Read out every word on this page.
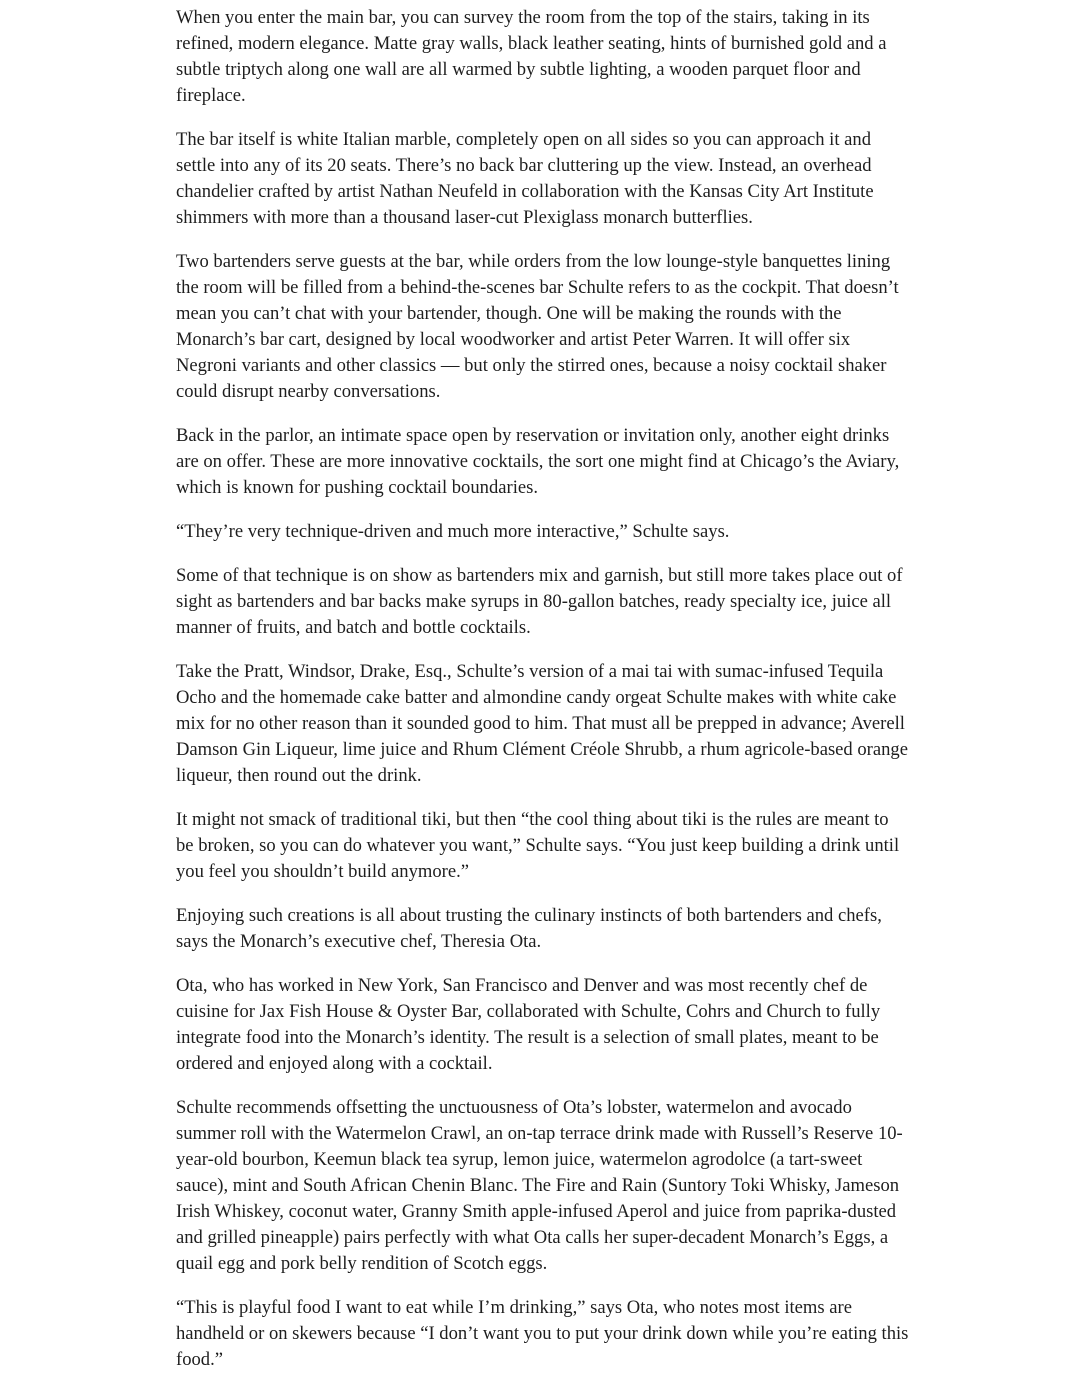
When you enter the main bar, you can survey the room from the top of the stairs, taking in its refined, modern elegance. Matte gray walls, black leather seating, hints of burnished gold and a subtle triptych along one wall are all warmed by subtle lighting, a wooden parquet floor and fireplace.

The bar itself is white Italian marble, completely open on all sides so you can approach it and settle into any of its 20 seats. There’s no back bar cluttering up the view. Instead, an overhead chandelier crafted by artist Nathan Neufeld in collaboration with the Kansas City Art Institute shimmers with more than a thousand laser-cut Plexiglass monarch butterflies.

Two bartenders serve guests at the bar, while orders from the low lounge-style banquettes lining the room will be filled from a behind-the-scenes bar Schulte refers to as the cockpit. That doesn’t mean you can’t chat with your bartender, though. One will be making the rounds with the Monarch’s bar cart, designed by local woodworker and artist Peter Warren. It will offer six Negroni variants and other classics — but only the stirred ones, because a noisy cocktail shaker could disrupt nearby conversations.

Back in the parlor, an intimate space open by reservation or invitation only, another eight drinks are on offer. These are more innovative cocktails, the sort one might find at Chicago’s the Aviary, which is known for pushing cocktail boundaries.

“They’re very technique-driven and much more interactive,” Schulte says.

Some of that technique is on show as bartenders mix and garnish, but still more takes place out of sight as bartenders and bar backs make syrups in 80-gallon batches, ready specialty ice, juice all manner of fruits, and batch and bottle cocktails.

Take the Pratt, Windsor, Drake, Esq., Schulte’s version of a mai tai with sumac-infused Tequila Ocho and the homemade cake batter and almondine candy orgeat Schulte makes with white cake mix for no other reason than it sounded good to him. That must all be prepped in advance; Averell Damson Gin Liqueur, lime juice and Rhum Clément Créole Shrubb, a rhum agricole-based orange liqueur, then round out the drink.

It might not smack of traditional tiki, but then “the cool thing about tiki is the rules are meant to be broken, so you can do whatever you want,” Schulte says. “You just keep building a drink until you feel you shouldn’t build anymore.”

Enjoying such creations is all about trusting the culinary instincts of both bartenders and chefs, says the Monarch’s executive chef, Theresia Ota.

Ota, who has worked in New York, San Francisco and Denver and was most recently chef de cuisine for Jax Fish House & Oyster Bar, collaborated with Schulte, Cohrs and Church to fully integrate food into the Monarch’s identity. The result is a selection of small plates, meant to be ordered and enjoyed along with a cocktail.

Schulte recommends offsetting the unctuousness of Ota’s lobster, watermelon and avocado summer roll with the Watermelon Crawl, an on-tap terrace drink made with Russell’s Reserve 10-year-old bourbon, Keemun black tea syrup, lemon juice, watermelon agrodolce (a tart-sweet sauce), mint and South African Chenin Blanc. The Fire and Rain (Suntory Toki Whisky, Jameson Irish Whiskey, coconut water, Granny Smith apple-infused Aperol and juice from paprika-dusted and grilled pineapple) pairs perfectly with what Ota calls her super-decadent Monarch’s Eggs, a quail egg and pork belly rendition of Scotch eggs.

“This is playful food I want to eat while I’m drinking,” says Ota, who notes most items are handheld or on skewers because “I don’t want you to put your drink down while you’re eating this food.”
